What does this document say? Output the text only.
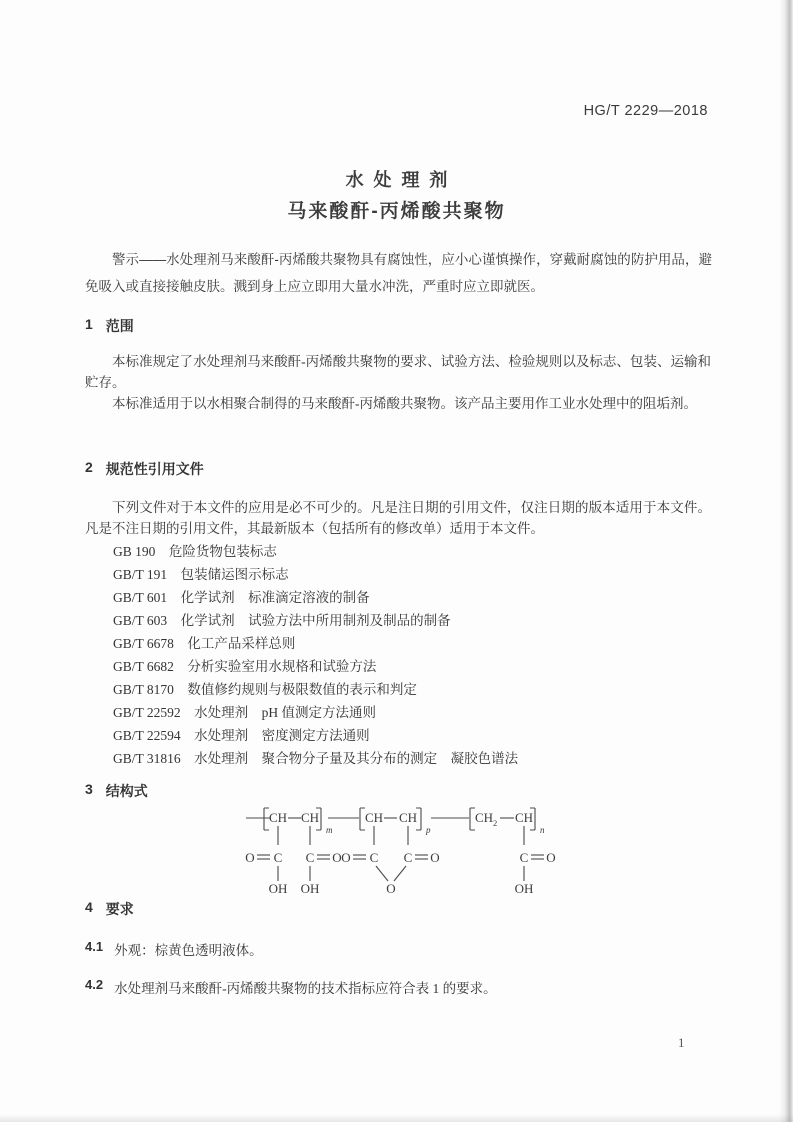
HG/T 2229—2018
水处理剂
马来酸酐-丙烯酸共聚物
警示——水处理剂马来酸酐-丙烯酸共聚物具有腐蚀性，应小心谨慎操作，穿戴耐腐蚀的防护用品，避免吸入或直接接触皮肤。溅到身上应立即用大量水冲洗，严重时应立即就医。
1 范围
本标准规定了水处理剂马来酸酐-丙烯酸共聚物的要求、试验方法、检验规则以及标志、包装、运输和贮存。
本标准适用于以水相聚合制得的马来酸酐-丙烯酸共聚物。该产品主要用作工业水处理中的阻垢剂。
2 规范性引用文件
下列文件对于本文件的应用是必不可少的。凡是注日期的引用文件，仅注日期的版本适用于本文件。凡是不注日期的引用文件，其最新版本（包括所有的修改单）适用于本文件。
GB 190　危险货物包装标志
GB/T 191　包装储运图示标志
GB/T 601　化学试剂　标准滴定溶液的制备
GB/T 603　化学试剂　试验方法中所用制剂及制品的制备
GB/T 6678　化工产品采样总则
GB/T 6682　分析实验室用水规格和试验方法
GB/T 8170　数值修约规则与极限数值的表示和判定
GB/T 22592　水处理剂　pH 值测定方法通则
GB/T 22594　水处理剂　密度测定方法通则
GB/T 31816　水处理剂　聚合物分子量及其分布的测定　凝胶色谱法
3 结构式
CH CH
m
O C C O
OH OH
CH CH
p
O C C O
O
CH 2 CH
n
C O
OH
4 要求
4.1 外观：棕黄色透明液体。
4.2 水处理剂马来酸酐-丙烯酸共聚物的技术指标应符合表 1 的要求。
1
